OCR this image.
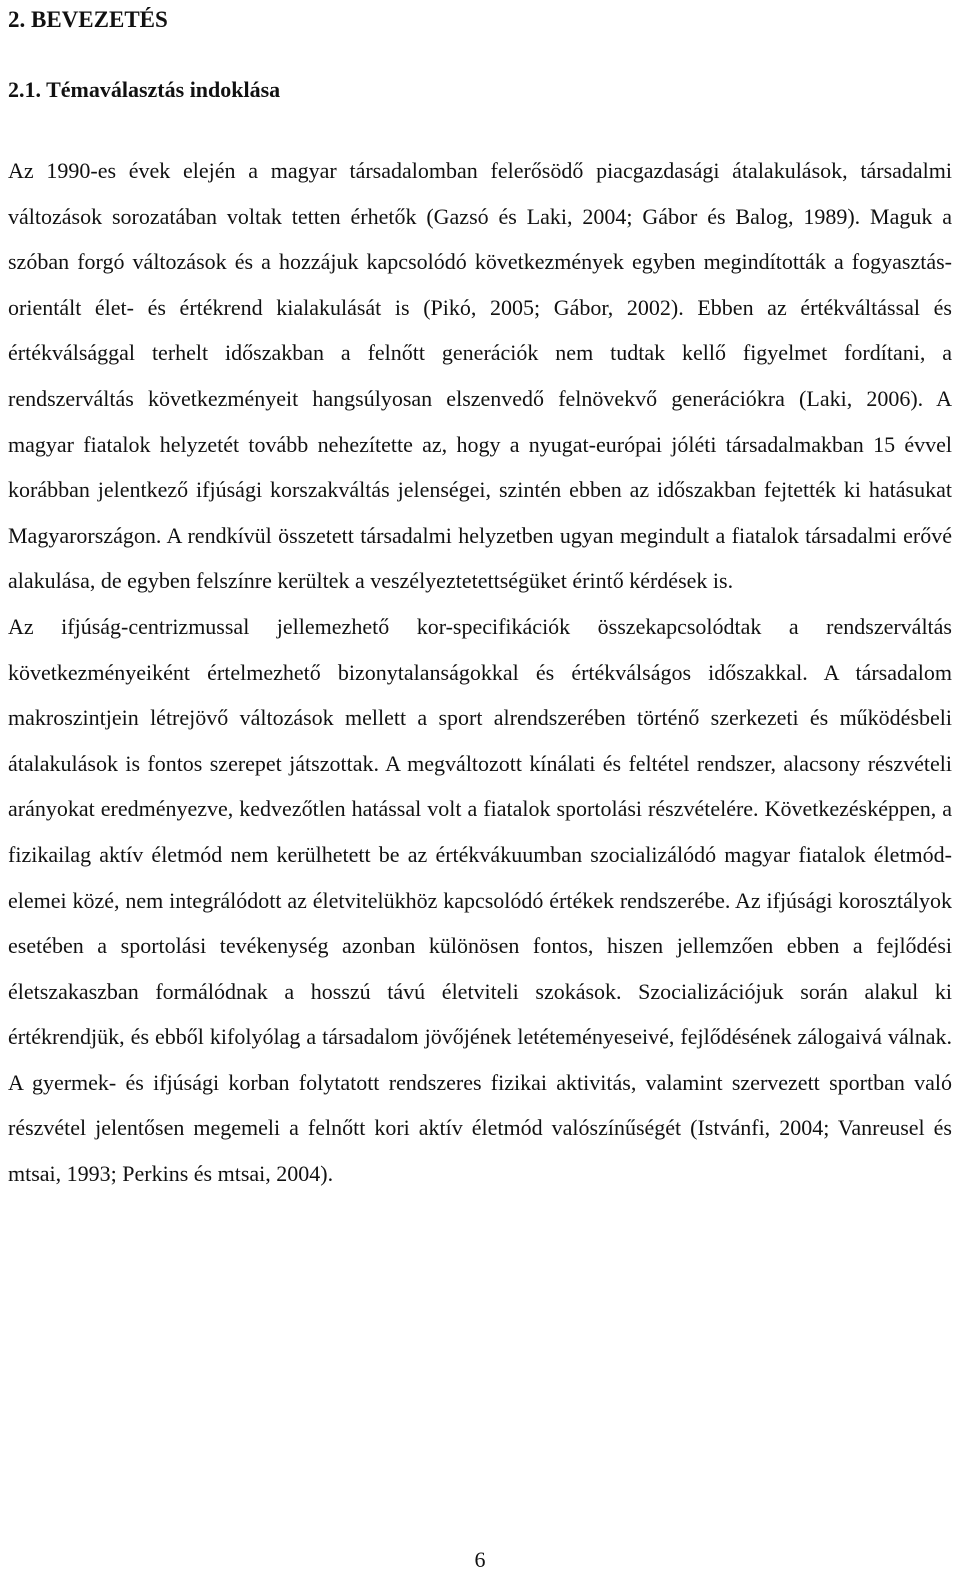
2. BEVEZETÉS
2.1. Témaválasztás indoklása

Az 1990-es évek elején a magyar társadalomban felerősödő piacgazdasági átalakulások, társadalmi változások sorozatában voltak tetten érhetők (Gazsó és Laki, 2004; Gábor és Balog, 1989). Maguk a szóban forgó változások és a hozzájuk kapcsolódó következmények egyben megindították a fogyasztás-orientált élet- és értékrend kialakulását is (Pikó, 2005; Gábor, 2002). Ebben az értékváltással és értékválsággal terhelt időszakban a felnőtt generációk nem tudtak kellő figyelmet fordítani, a rendszerváltás következményeit hangsúlyosan elszenvedő felnövekvő generációkra (Laki, 2006). A magyar fiatalok helyzetét tovább nehezítette az, hogy a nyugat-európai jóléti társadalmakban 15 évvel korábban jelentkező ifjúsági korszakváltás jelenségei, szintén ebben az időszakban fejtették ki hatásukat Magyarországon. A rendkívül összetett társadalmi helyzetben ugyan megindult a fiatalok társadalmi erővé alakulása, de egyben felszínre kerültek a veszélyeztetettségüket érintő kérdések is.

Az ifjúság-centrizmussal jellemezhető kor-specifikációk összekapcsolódtak a rendszerváltás következményeiként értelmezhető bizonytalanságokkal és értékválságos időszakkal. A társadalom makroszintjein létrejövő változások mellett a sport alrendszerében történő szerkezeti és működésbeli átalakulások is fontos szerepet játszottak. A megváltozott kínálati és feltétel rendszer, alacsony részvételi arányokat eredményezve, kedvezőtlen hatással volt a fiatalok sportolási részvételére. Következésképpen, a fizikailag aktív életmód nem kerülhetett be az értékvákuumban szocializálódó magyar fiatalok életmód-elemei közé, nem integrálódott az életvitelükhöz kapcsolódó értékek rendszerébe. Az ifjúsági korosztályok esetében a sportolási tevékenység azonban különösen fontos, hiszen jellemzően ebben a fejlődési életszakaszban formálódnak a hosszú távú életviteli szokások. Szocializációjuk során alakul ki értékrendjük, és ebből kifolyólag a társadalom jövőjének letéteményeseivé, fejlődésének zálogaivá válnak. A gyermek- és ifjúsági korban folytatott rendszeres fizikai aktivitás, valamint szervezett sportban való részvétel jelentősen megemeli a felnőtt kori aktív életmód valószínűségét (Istvánfi, 2004; Vanreusel és mtsai, 1993; Perkins és mtsai, 2004).

6
